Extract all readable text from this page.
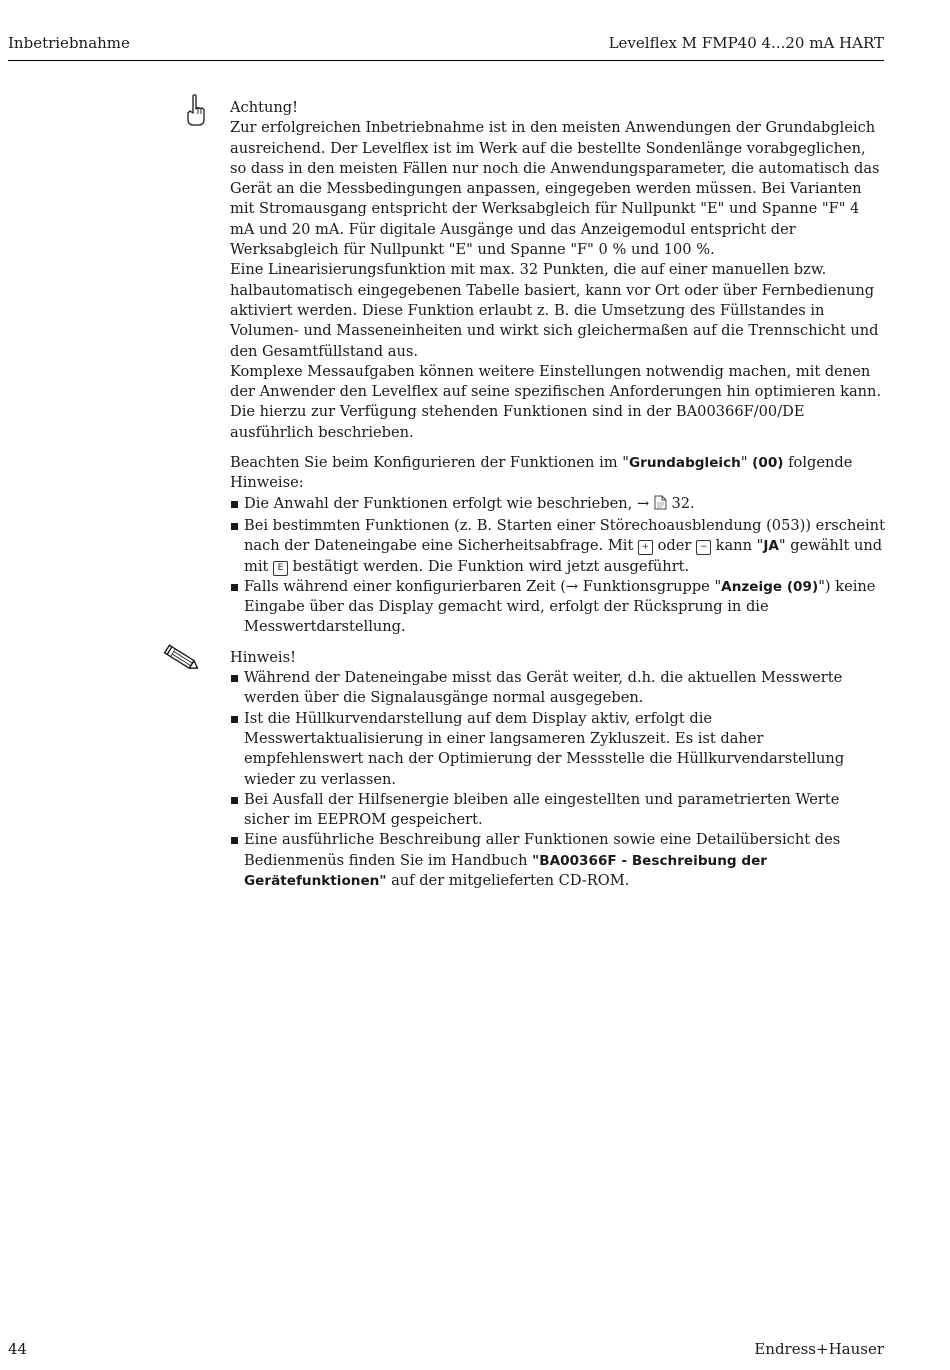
Inbetriebnahme	Levelflex M FMP40 4...20 mA HART

Achtung!

Zur erfolgreichen Inbetriebnahme ist in den meisten Anwendungen der Grundabgleich ausreichend. Der Levelflex ist im Werk auf die bestellte Sondenlänge vorabgeglichen, so dass in den meisten Fällen nur noch die Anwendungsparameter, die automatisch das Gerät an die Messbedingungen anpassen, eingegeben werden müssen. Bei Varianten mit Stromausgang entspricht der Werksabgleich für Nullpunkt "E" und Spanne "F" 4 mA und 20 mA. Für digitale Ausgänge und das Anzeigemodul entspricht der Werksabgleich für Nullpunkt "E" und Spanne "F" 0 % und 100 %.

Eine Linearisierungsfunktion mit max. 32 Punkten, die auf einer manuellen bzw. halbautomatisch eingegebenen Tabelle basiert, kann vor Ort oder über Fernbedienung aktiviert werden. Diese Funktion erlaubt z. B. die Umsetzung des Füllstandes in Volumen- und Masseneinheiten und wirkt sich gleichermaßen auf die Trennschicht und den Gesamtfüllstand aus.

Komplexe Messaufgaben können weitere Einstellungen notwendig machen, mit denen der Anwender den Levelflex auf seine spezifischen Anforderungen hin optimieren kann. Die hierzu zur Verfügung stehenden Funktionen sind in der BA00366F/00/DE ausführlich beschrieben.

Beachten Sie beim Konfigurieren der Funktionen im "Grundabgleich" (00) folgende Hinweise:

Die Anwahl der Funktionen erfolgt wie beschrieben, →  32.
Bei bestimmten Funktionen (z. B. Starten einer Störechoausblendung (053)) erscheint nach der Dateneingabe eine Sicherheitsabfrage. Mit + oder − kann "JA" gewählt und mit E bestätigt werden. Die Funktion wird jetzt ausgeführt.
Falls während einer konfigurierbaren Zeit (→ Funktionsgruppe "Anzeige (09)") keine Eingabe über das Display gemacht wird, erfolgt der Rücksprung in die Messwertdarstellung.

Hinweis!

Während der Dateneingabe misst das Gerät weiter, d.h. die aktuellen Messwerte werden über die Signalausgänge normal ausgegeben.
Ist die Hüllkurvendarstellung auf dem Display aktiv, erfolgt die Messwertaktualisierung in einer langsameren Zykluszeit. Es ist daher empfehlenswert nach der Optimierung der Messstelle die Hüllkurvendarstellung wieder zu verlassen.
Bei Ausfall der Hilfsenergie bleiben alle eingestellten und parametrierten Werte sicher im EEPROM gespeichert.
Eine ausführliche Beschreibung aller Funktionen sowie eine Detailübersicht des Bedienmenüs finden Sie im Handbuch "BA00366F - Beschreibung der Gerätefunktionen" auf der mitgelieferten CD-ROM.
44	Endress+Hauser
